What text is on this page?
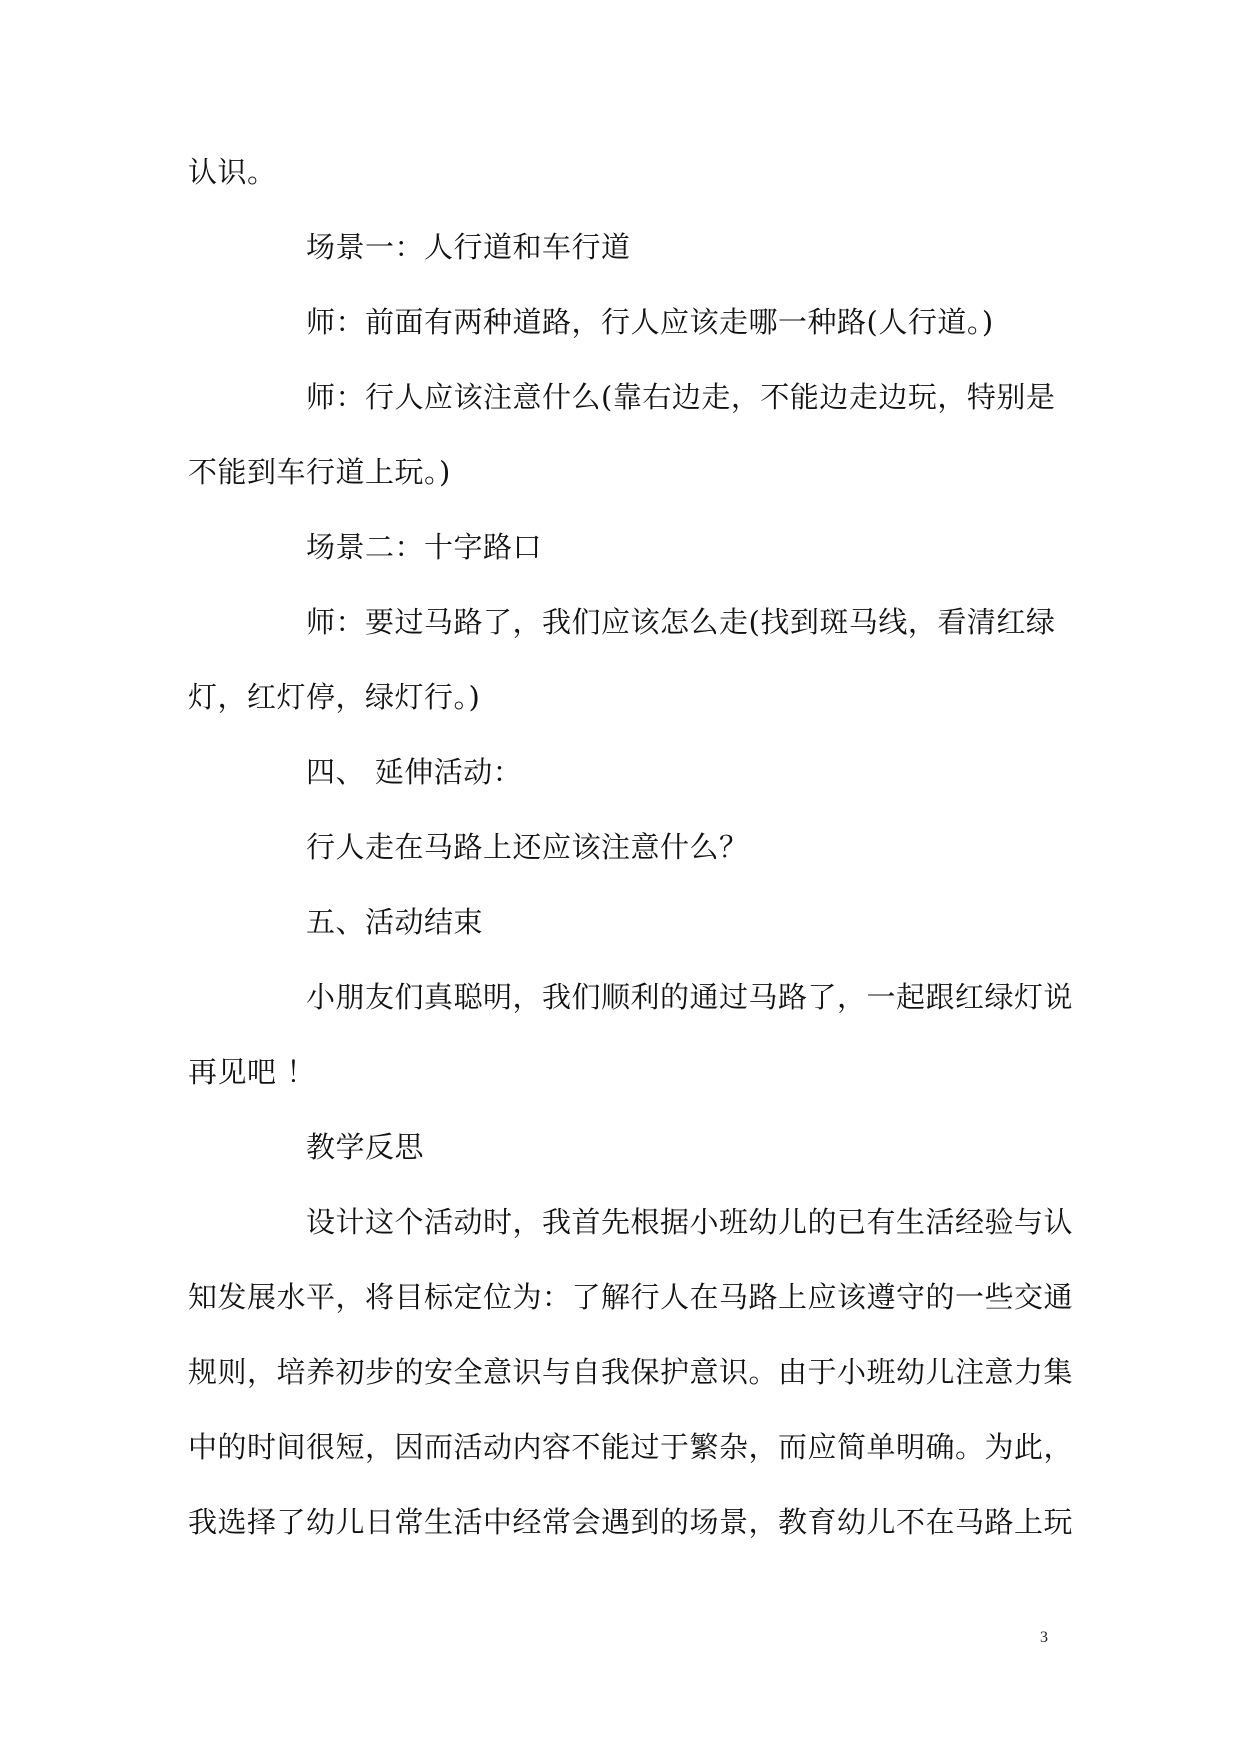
认识。
场景一：人行道和车行道
师：前面有两种道路，行人应该走哪一种路(人行道。)
师：行人应该注意什么(靠右边走，不能边走边玩，特别是
不能到车行道上玩。)
场景二：十字路口
师：要过马路了，我们应该怎么走(找到斑马线，看清红绿
灯，红灯停，绿灯行。)
四、 延伸活动：
行人走在马路上还应该注意什么？
五、活动结束
小朋友们真聪明，我们顺利的通过马路了，一起跟红绿灯说
再见吧 ！
教学反思
设计这个活动时，我首先根据小班幼儿的已有生活经验与认
知发展水平，将目标定位为：了解行人在马路上应该遵守的一些交通
规则，培养初步的安全意识与自我保护意识。由于小班幼儿注意力集
中的时间很短，因而活动内容不能过于繁杂，而应简单明确。为此，
我选择了幼儿日常生活中经常会遇到的场景，教育幼儿不在马路上玩
3
